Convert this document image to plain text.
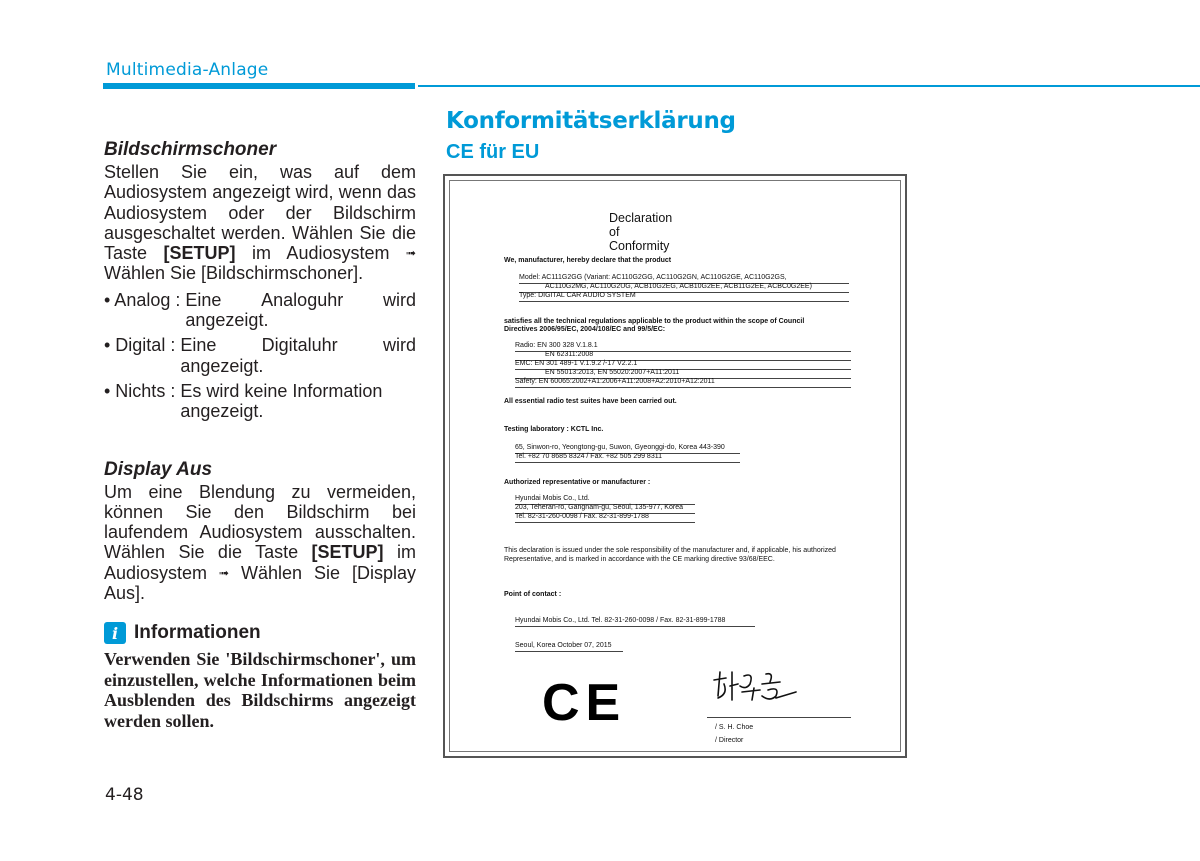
Multimedia-Anlage
Bildschirmschoner
Stellen Sie ein, was auf dem Audiosystem angezeigt wird, wenn das Audiosystem oder der Bildschirm ausgeschaltet werden. Wählen Sie die Taste [SETUP] im Audiosystem ➟ Wählen Sie [Bildschirmschoner].
• Analog : Eine Analoguhr wird
angezeigt.
• Digital : Eine	Digitaluhr	wird
angezeigt.
• Nichts : Es wird keine Information
angezeigt.
Display Aus
Um eine Blendung zu vermeiden, können Sie den Bildschirm bei laufendem Audiosystem ausschalten. Wählen Sie die Taste [SETUP] im Audiosystem ➟ Wählen Sie [Display Aus].
i Informationen
Verwenden Sie 'Bildschirmschoner', um einzustellen, welche Informationen beim Ausblenden des Bildschirms angezeigt werden sollen.
4-48
Konformitätserklärung
CE für EU
Declaration of Conformity
We, manufacturer, hereby declare that the product
Model: AC111G2GG (Variant: AC110G2GG, AC110G2GN, AC110G2GE, AC110G2GS,
AC110G2MG, AC110G2UG, ACB10G2EG, ACB10G2EE, ACB11G2EE, ACBC0G2EE)
Type: DIGITAL CAR AUDIO SYSTEM
satisfies all the technical regulations applicable to the product within the scope of Council
Directives 2006/95/EC, 2004/108/EC and 99/5/EC:
Radio: EN 300 328 V.1.8.1
EN 62311:2008
EMC: EN 301 489-1 V.1.9.2 /-17 V2.2.1
EN 55013:2013, EN 55020:2007+A11:2011
Safety: EN 60065:2002+A1:2006+A11:2008+A2:2010+A12:2011
All essential radio test suites have been carried out.
Testing laboratory : KCTL Inc.
65, Sinwon-ro, Yeongtong-gu, Suwon, Gyeonggi-do, Korea 443-390
Tel. +82 70 8685 8324 / Fax. +82 505 299 8311
Authorized representative or manufacturer :
Hyundai Mobis Co., Ltd.
203, Teheran-ro, Gangnam-gu, Seoul, 135-977, Korea
Tel. 82-31-260-0098 / Fax. 82-31-899-1788
This declaration is issued under the sole responsibility of the manufacturer and, if applicable, his authorized
Representative, and is marked in accordance with the CE marking directive 93/68/EEC.
Point of contact :
Hyundai Mobis Co., Ltd. Tel. 82-31-260-0098 / Fax. 82-31-899-1788
Seoul, Korea October 07, 2015
CE	/ S. H. Choe
/ Director
